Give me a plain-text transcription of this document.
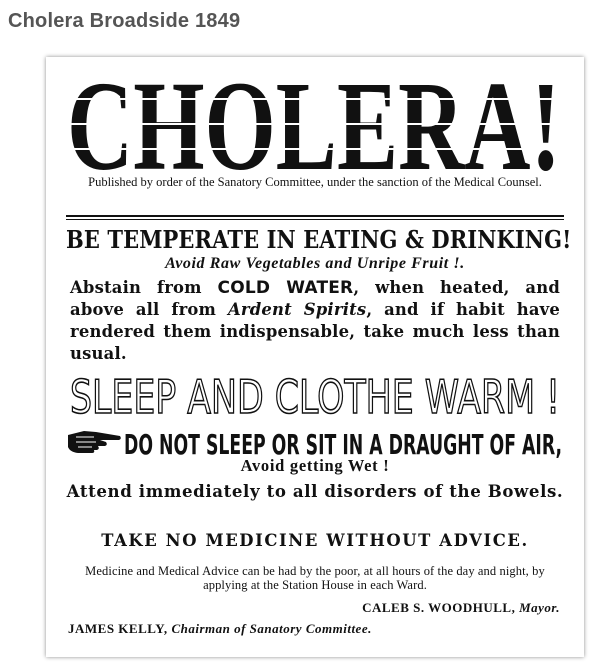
Cholera Broadside 1849
CHOLERA!
Published by order of the Sanatory Committee, under the sanction of the Medical Counsel.
BE TEMPERATE IN EATING & DRINKING!
Avoid Raw Vegetables and Unripe Fruit !.
Abstain from COLD WATER, when heated, and above all from Ardent Spirits, and if habit have rendered them indispensable, take much less than usual.
SLEEP AND CLOTHE WARM !
DO NOT SLEEP OR SIT IN A DRAUGHT OF AIR,
Avoid getting Wet !
Attend immediately to all disorders of the Bowels.
TAKE NO MEDICINE WITHOUT ADVICE.
Medicine and Medical Advice can be had by the poor, at all hours of the day and night, by applying at the Station House in each Ward.
CALEB S. WOODHULL, Mayor.
JAMES KELLY, Chairman of Sanatory Committee.
